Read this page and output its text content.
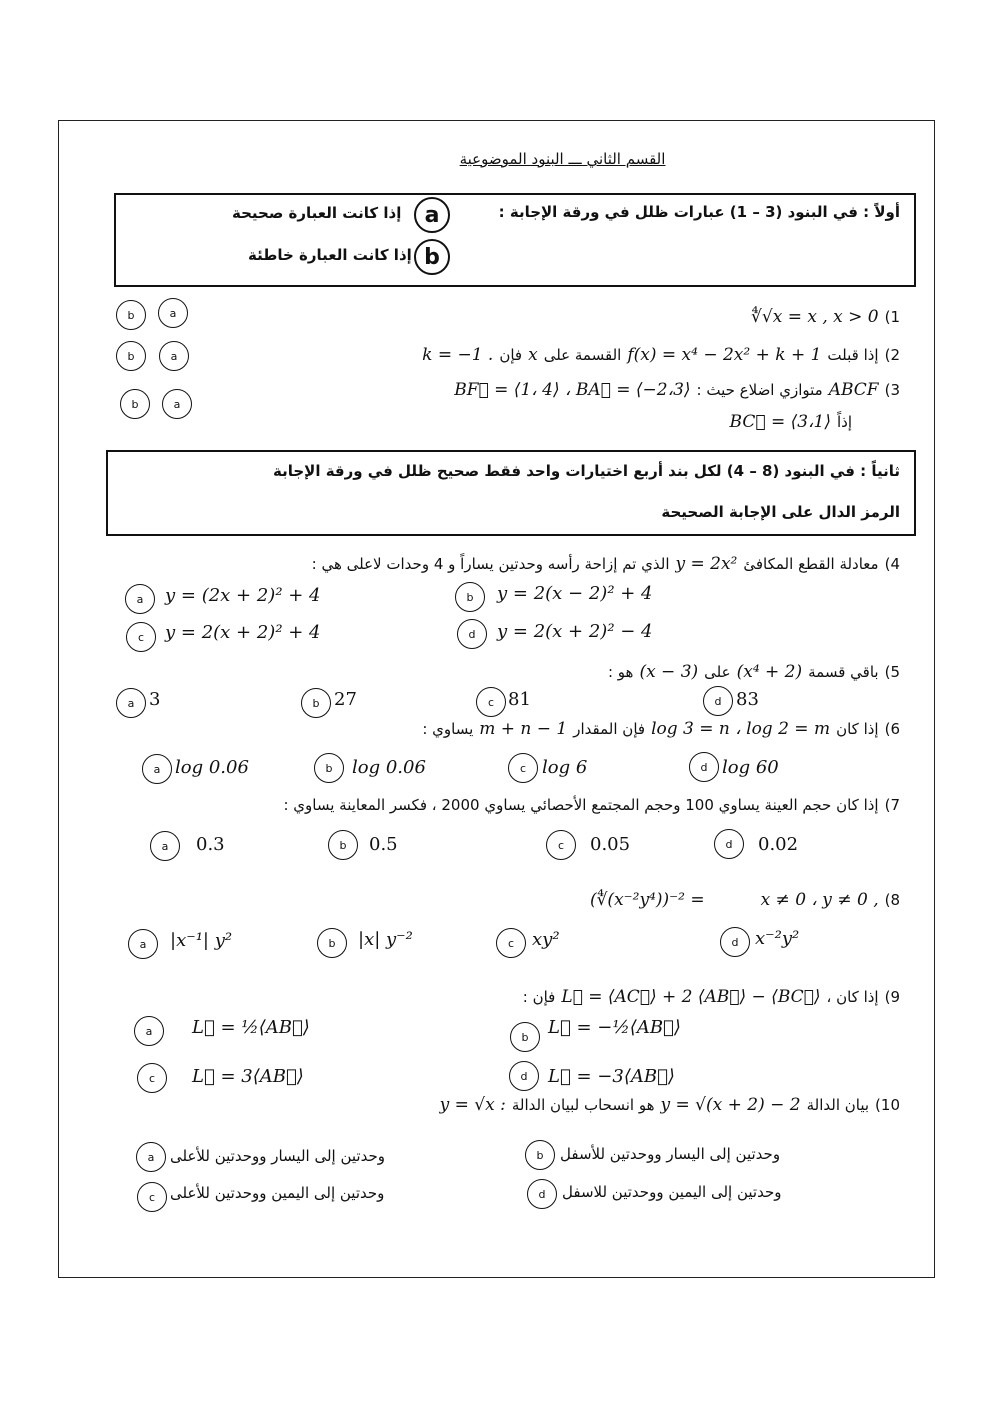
القسم الثاني ـــ البنود الموضوعية
أولاً : في البنود (3 – 1) عبارات ظلل في ورقة الإجابة :
a
إذا كانت العبارة صحيحة
b
إذا كانت العبارة خاطئة
1)
∜√x = x , x > 0
b	a
2)
إذا قبلت
f(x) = x⁴ − 2x² + k + 1
القسمة على
x
فإن
k = −1 .
b	a
3)
ABCF
متوازي اضلاع حيث :
BF⃗ = ⟨1، 4⟩ ، BA⃗ = ⟨−2،3⟩
إذاً
BC⃗ = ⟨3،1⟩
b	a
ثانياً : في البنود (8 – 4) لكل بند أربع اختيارات واحد فقط صحيح ظلل في ورقة الإجابة
الرمز الدال على الإجابة الصحيحة
4)
معادلة القطع المكافئ
y = 2x²
الذي تم إزاحة رأسه وحدتين يساراً و 4 وحدات لاعلى هي :
a	y = (2x + 2)² + 4	b	y = 2(x − 2)² + 4
c	y = 2(x + 2)² + 4	d	y = 2(x + 2)² − 4
5)
باقي قسمة
(x⁴ + 2)
على
(x − 3)
هو :
a 3	b 27	c 81	d 83
6)
إذا كان
log 3 = n ، log 2 = m
فإن المقدار
m + n − 1
يساوي :
a log 0.06	b	log 0.06	c log 6	d log 60
7)
إذا كان حجم العينة يساوي 100 وحجم المجتمع الأحصائي يساوي 2000 ، فكسر المعاينة يساوي :
a	0.3	b	0.5	c	0.05	d	0.02
8)
x ≠ 0 ، y ≠ 0 ,
(∜(x⁻²y⁴))⁻² =
a	|x⁻¹| y²	b	|x| y⁻²	c xy²	d x⁻²y²
9)
إذا كان ،
L⃗ = ⟨AC⃗⟩ + 2 ⟨AB⃗⟩ − ⟨BC⃗⟩
فإن :
a	L⃗ = ½⟨AB⃗⟩	b	L⃗ = −½⟨AB⃗⟩
c	L⃗ = 3⟨AB⃗⟩	d	L⃗ = −3⟨AB⃗⟩
10)
بيان الدالة
y = √(x + 2) − 2
هو انسحاب لبيان الدالة
y = √x :
a	وحدتين إلى اليسار ووحدتين للأعلى	b	وحدتين إلى اليسار ووحدتين للأسفل
c وحدتين إلى اليمين ووحدتين للأعلى	d	وحدتين إلى اليمين ووحدتين للاسفل
